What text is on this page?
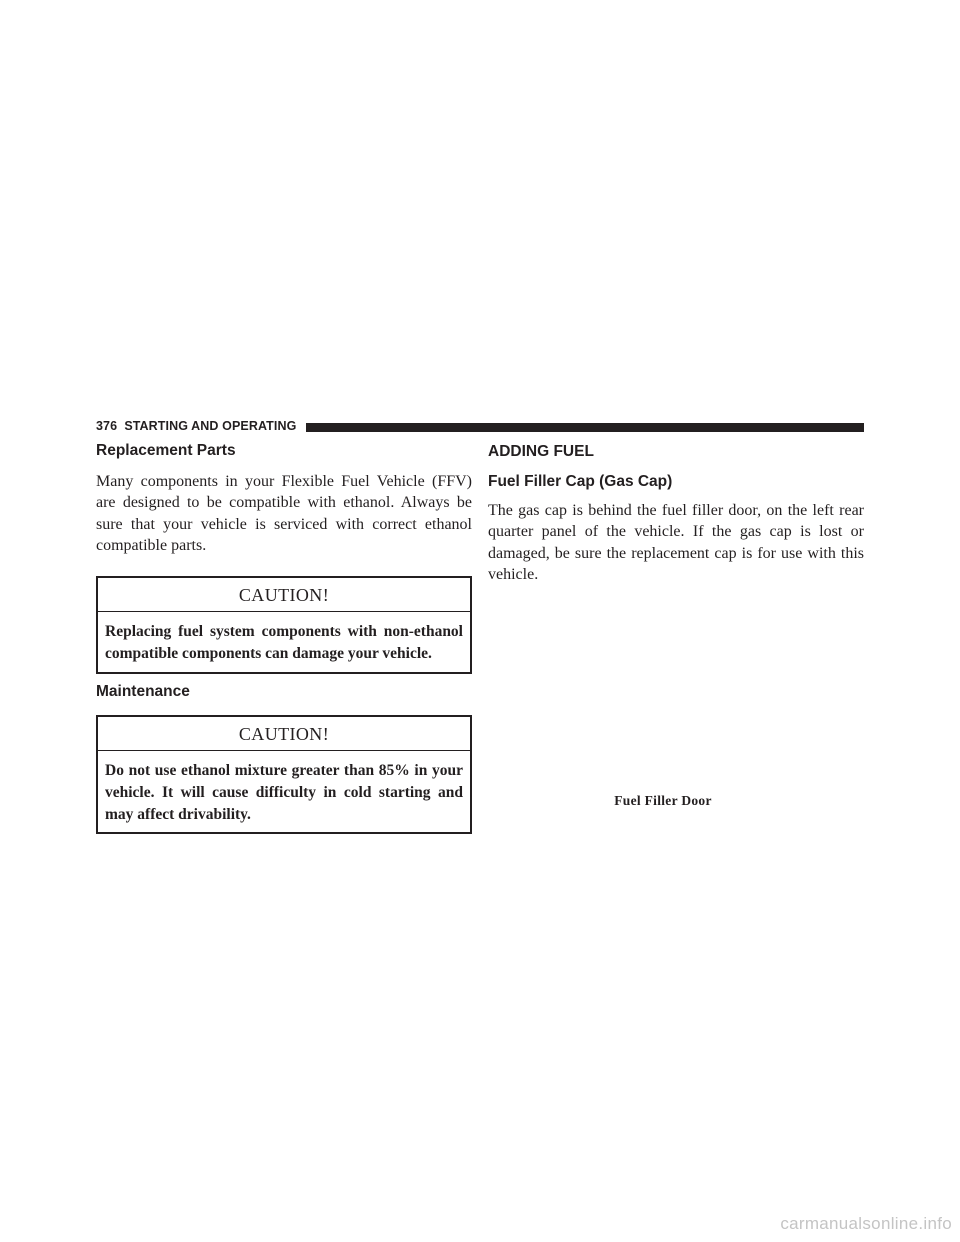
376 STARTING AND OPERATING
Replacement Parts

Many components in your Flexible Fuel Vehicle (FFV) are designed to be compatible with ethanol. Always be sure that your vehicle is serviced with correct ethanol compatible parts.

CAUTION!

Replacing fuel system components with non-ethanol compatible components can damage your vehicle.

Maintenance
CAUTION!

Do not use ethanol mixture greater than 85% in your vehicle. It will cause difficulty in cold starting and may affect drivability.

ADDING FUEL
Fuel Filler Cap (Gas Cap)

The gas cap is behind the fuel filler door, on the left rear quarter panel of the vehicle. If the gas cap is lost or damaged, be sure the replacement cap is for use with this vehicle.

Fuel Filler Door
carmanualsonline.info
